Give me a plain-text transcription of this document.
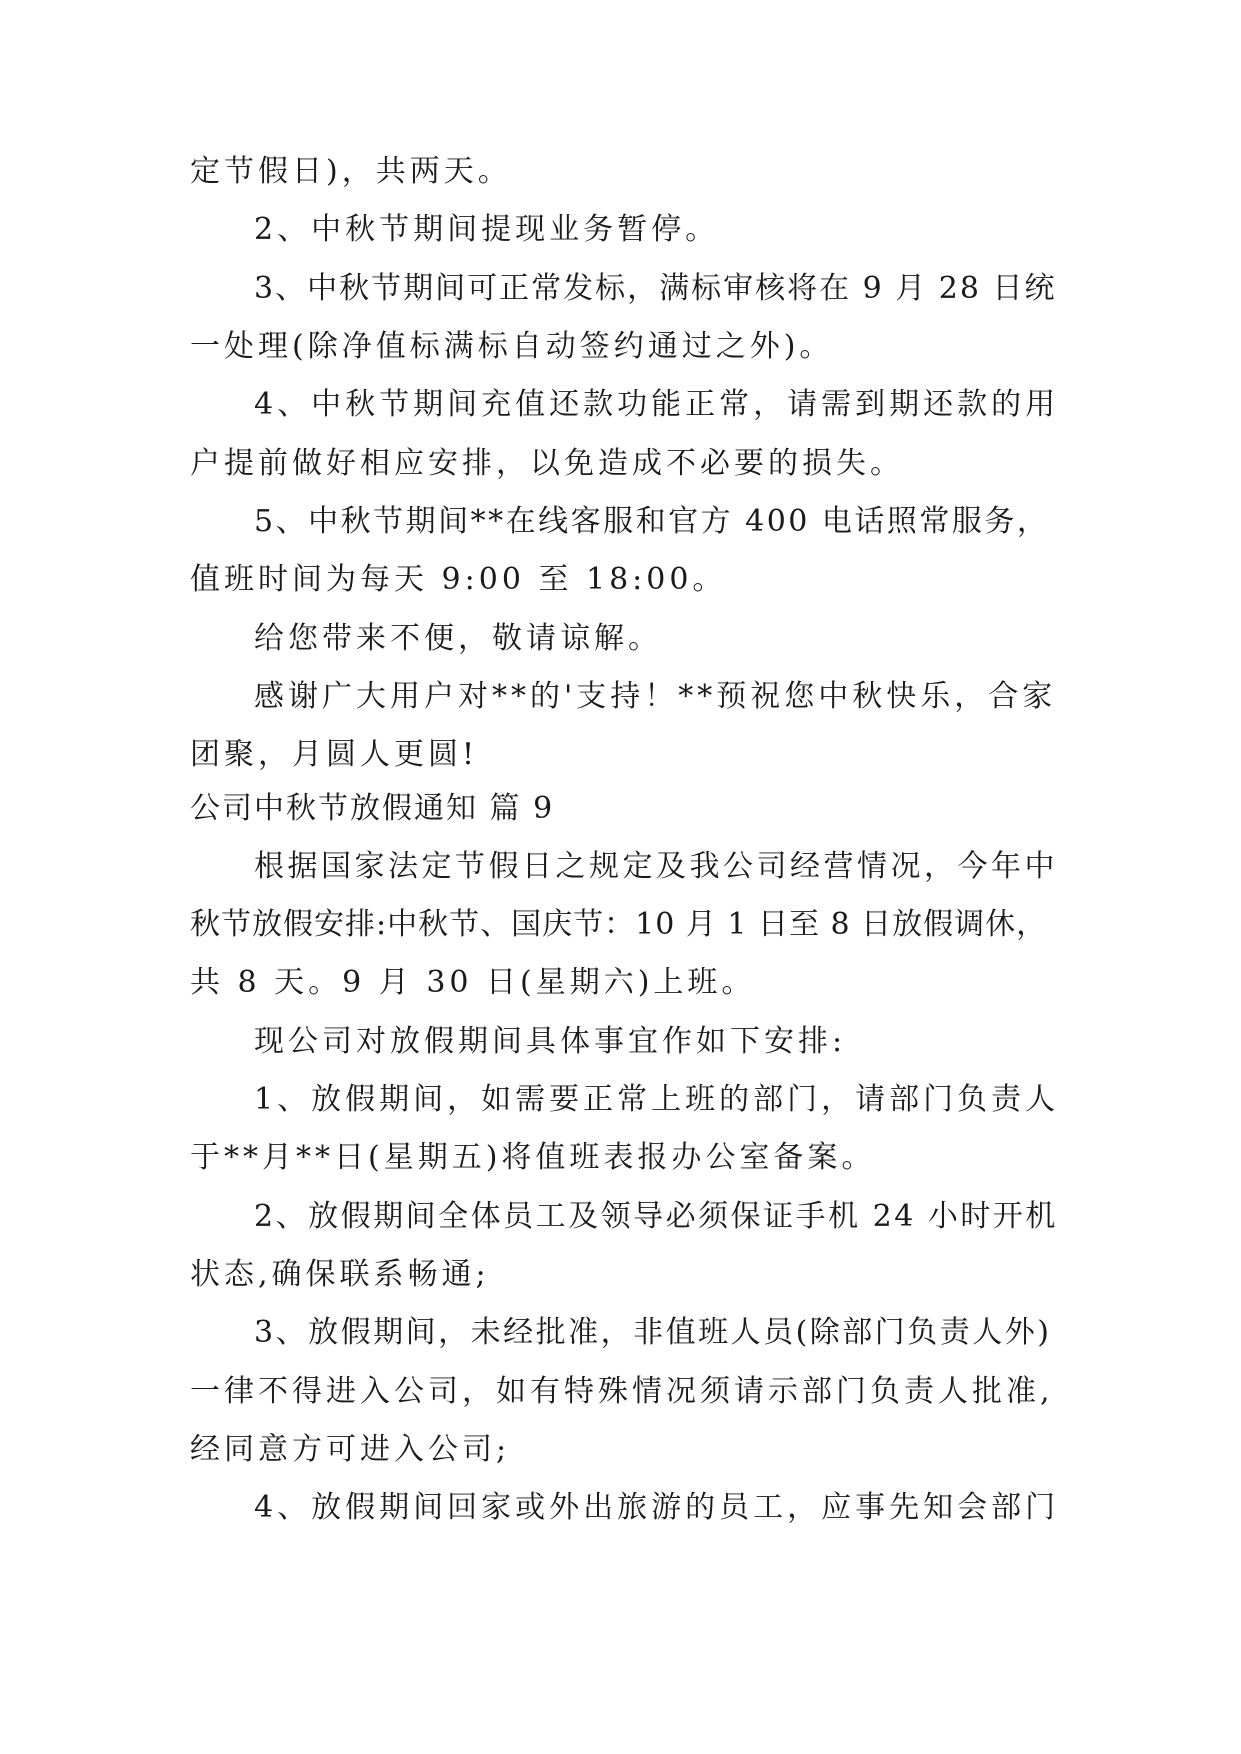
定节假日)，共两天。
2、中秋节期间提现业务暂停。
3、中秋节期间可正常发标，满标审核将在 9 月 28 日统
一处理(除净值标满标自动签约通过之外)。
4、中秋节期间充值还款功能正常，请需到期还款的用
户提前做好相应安排，以免造成不必要的损失。
5、中秋节期间**在线客服和官方 400 电话照常服务，
值班时间为每天 9:00 至 18:00。
给您带来不便，敬请谅解。
感谢广大用户对**的'支持！**预祝您中秋快乐，合家
团聚，月圆人更圆!
公司中秋节放假通知 篇 9
根据国家法定节假日之规定及我公司经营情况，今年中
秋节放假安排:中秋节、国庆节：10 月 1 日至 8 日放假调休，
共 8 天。9 月 30 日(星期六)上班。
现公司对放假期间具体事宜作如下安排:
1、放假期间，如需要正常上班的部门，请部门负责人
于**月**日(星期五)将值班表报办公室备案。
2、放假期间全体员工及领导必须保证手机 24 小时开机
状态,确保联系畅通;
3、放假期间，未经批准，非值班人员(除部门负责人外)
一律不得进入公司，如有特殊情况须请示部门负责人批准,
经同意方可进入公司;
4、放假期间回家或外出旅游的员工，应事先知会部门
